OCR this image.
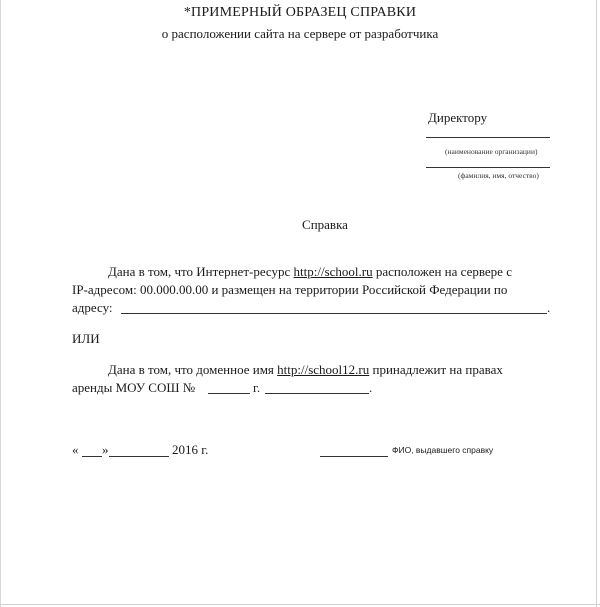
*ПРИМЕРНЫЙ ОБРАЗЕЦ СПРАВКИ
о расположении сайта на сервере от разработчика
Директору
(наименование организации)
(фамилия, имя, отчество)
Справка
Дана в том, что Интернет-ресурс http://school.ru расположен на сервере с
IP-адресом: 00.000.00.00 и размещен на территории Российской Федерации по
адресу:	.
ИЛИ
Дана в том, что доменное имя http://school12.ru принадлежит на правах
аренды МОУ СОШ №	г.	.
« »	2016 г.	ФИО, выдавшего справку
